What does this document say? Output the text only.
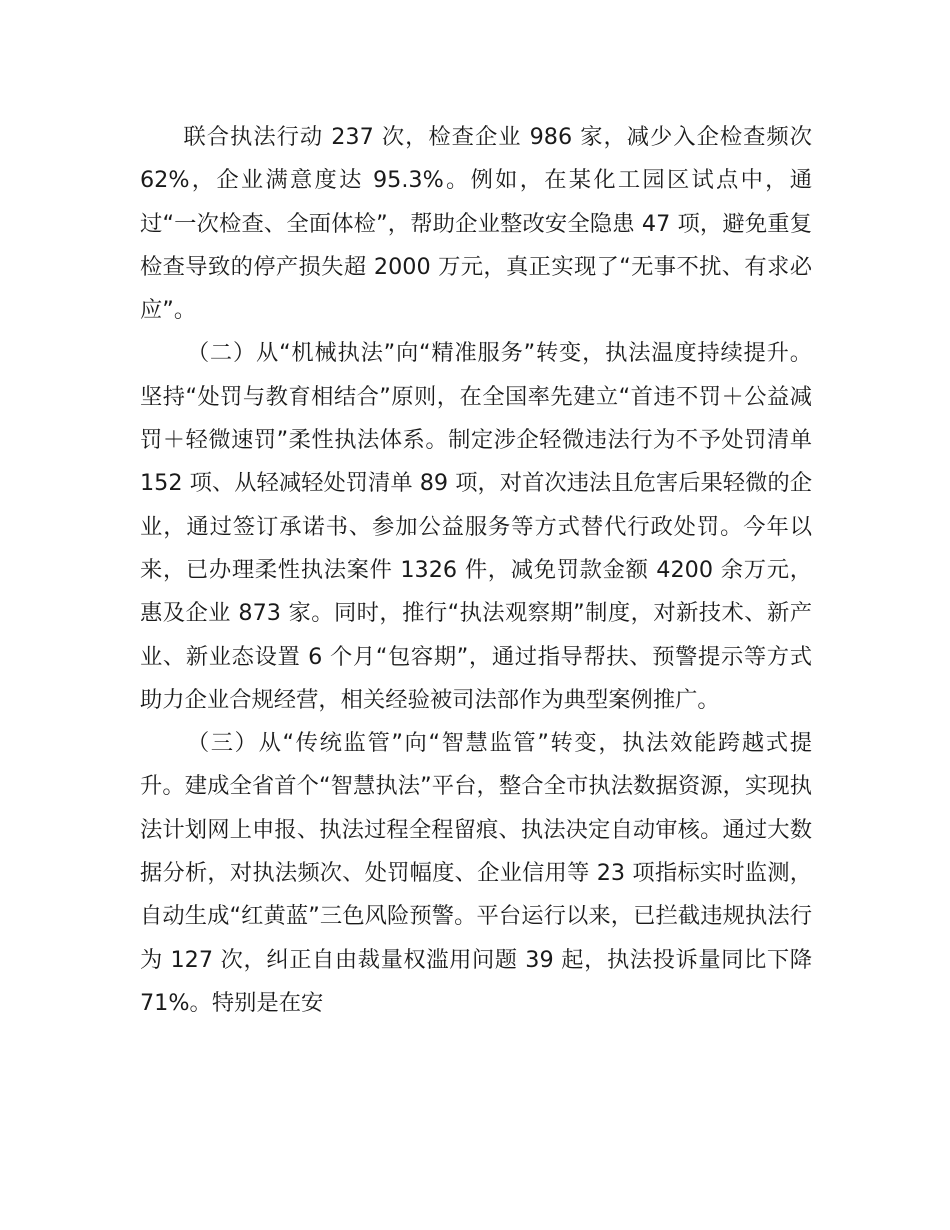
联合执法行动 237 次，检查企业 986 家，减少入企检查频次 62%，企业满意度达 95.3%。例如，在某化工园区试点中，通过“一次检查、全面体检”，帮助企业整改安全隐患 47 项，避免重复检查导致的停产损失超 2000 万元，真正实现了“无事不扰、有求必应”。

（二）从“机械执法”向“精准服务”转变，执法温度持续提升。坚持“处罚与教育相结合”原则，在全国率先建立“首违不罚＋公益减罚＋轻微速罚”柔性执法体系。制定涉企轻微违法行为不予处罚清单 152 项、从轻减轻处罚清单 89 项，对首次违法且危害后果轻微的企业，通过签订承诺书、参加公益服务等方式替代行政处罚。今年以来，已办理柔性执法案件 1326 件，减免罚款金额 4200 余万元，惠及企业 873 家。同时，推行“执法观察期”制度，对新技术、新产业、新业态设置 6 个月“包容期”，通过指导帮扶、预警提示等方式助力企业合规经营，相关经验被司法部作为典型案例推广。

（三）从“传统监管”向“智慧监管”转变，执法效能跨越式提升。建成全省首个“智慧执法”平台，整合全市执法数据资源，实现执法计划网上申报、执法过程全程留痕、执法决定自动审核。通过大数据分析，对执法频次、处罚幅度、企业信用等 23 项指标实时监测，自动生成“红黄蓝”三色风险预警。平台运行以来，已拦截违规执法行为 127 次，纠正自由裁量权滥用问题 39 起，执法投诉量同比下降 71%。特别是在安
